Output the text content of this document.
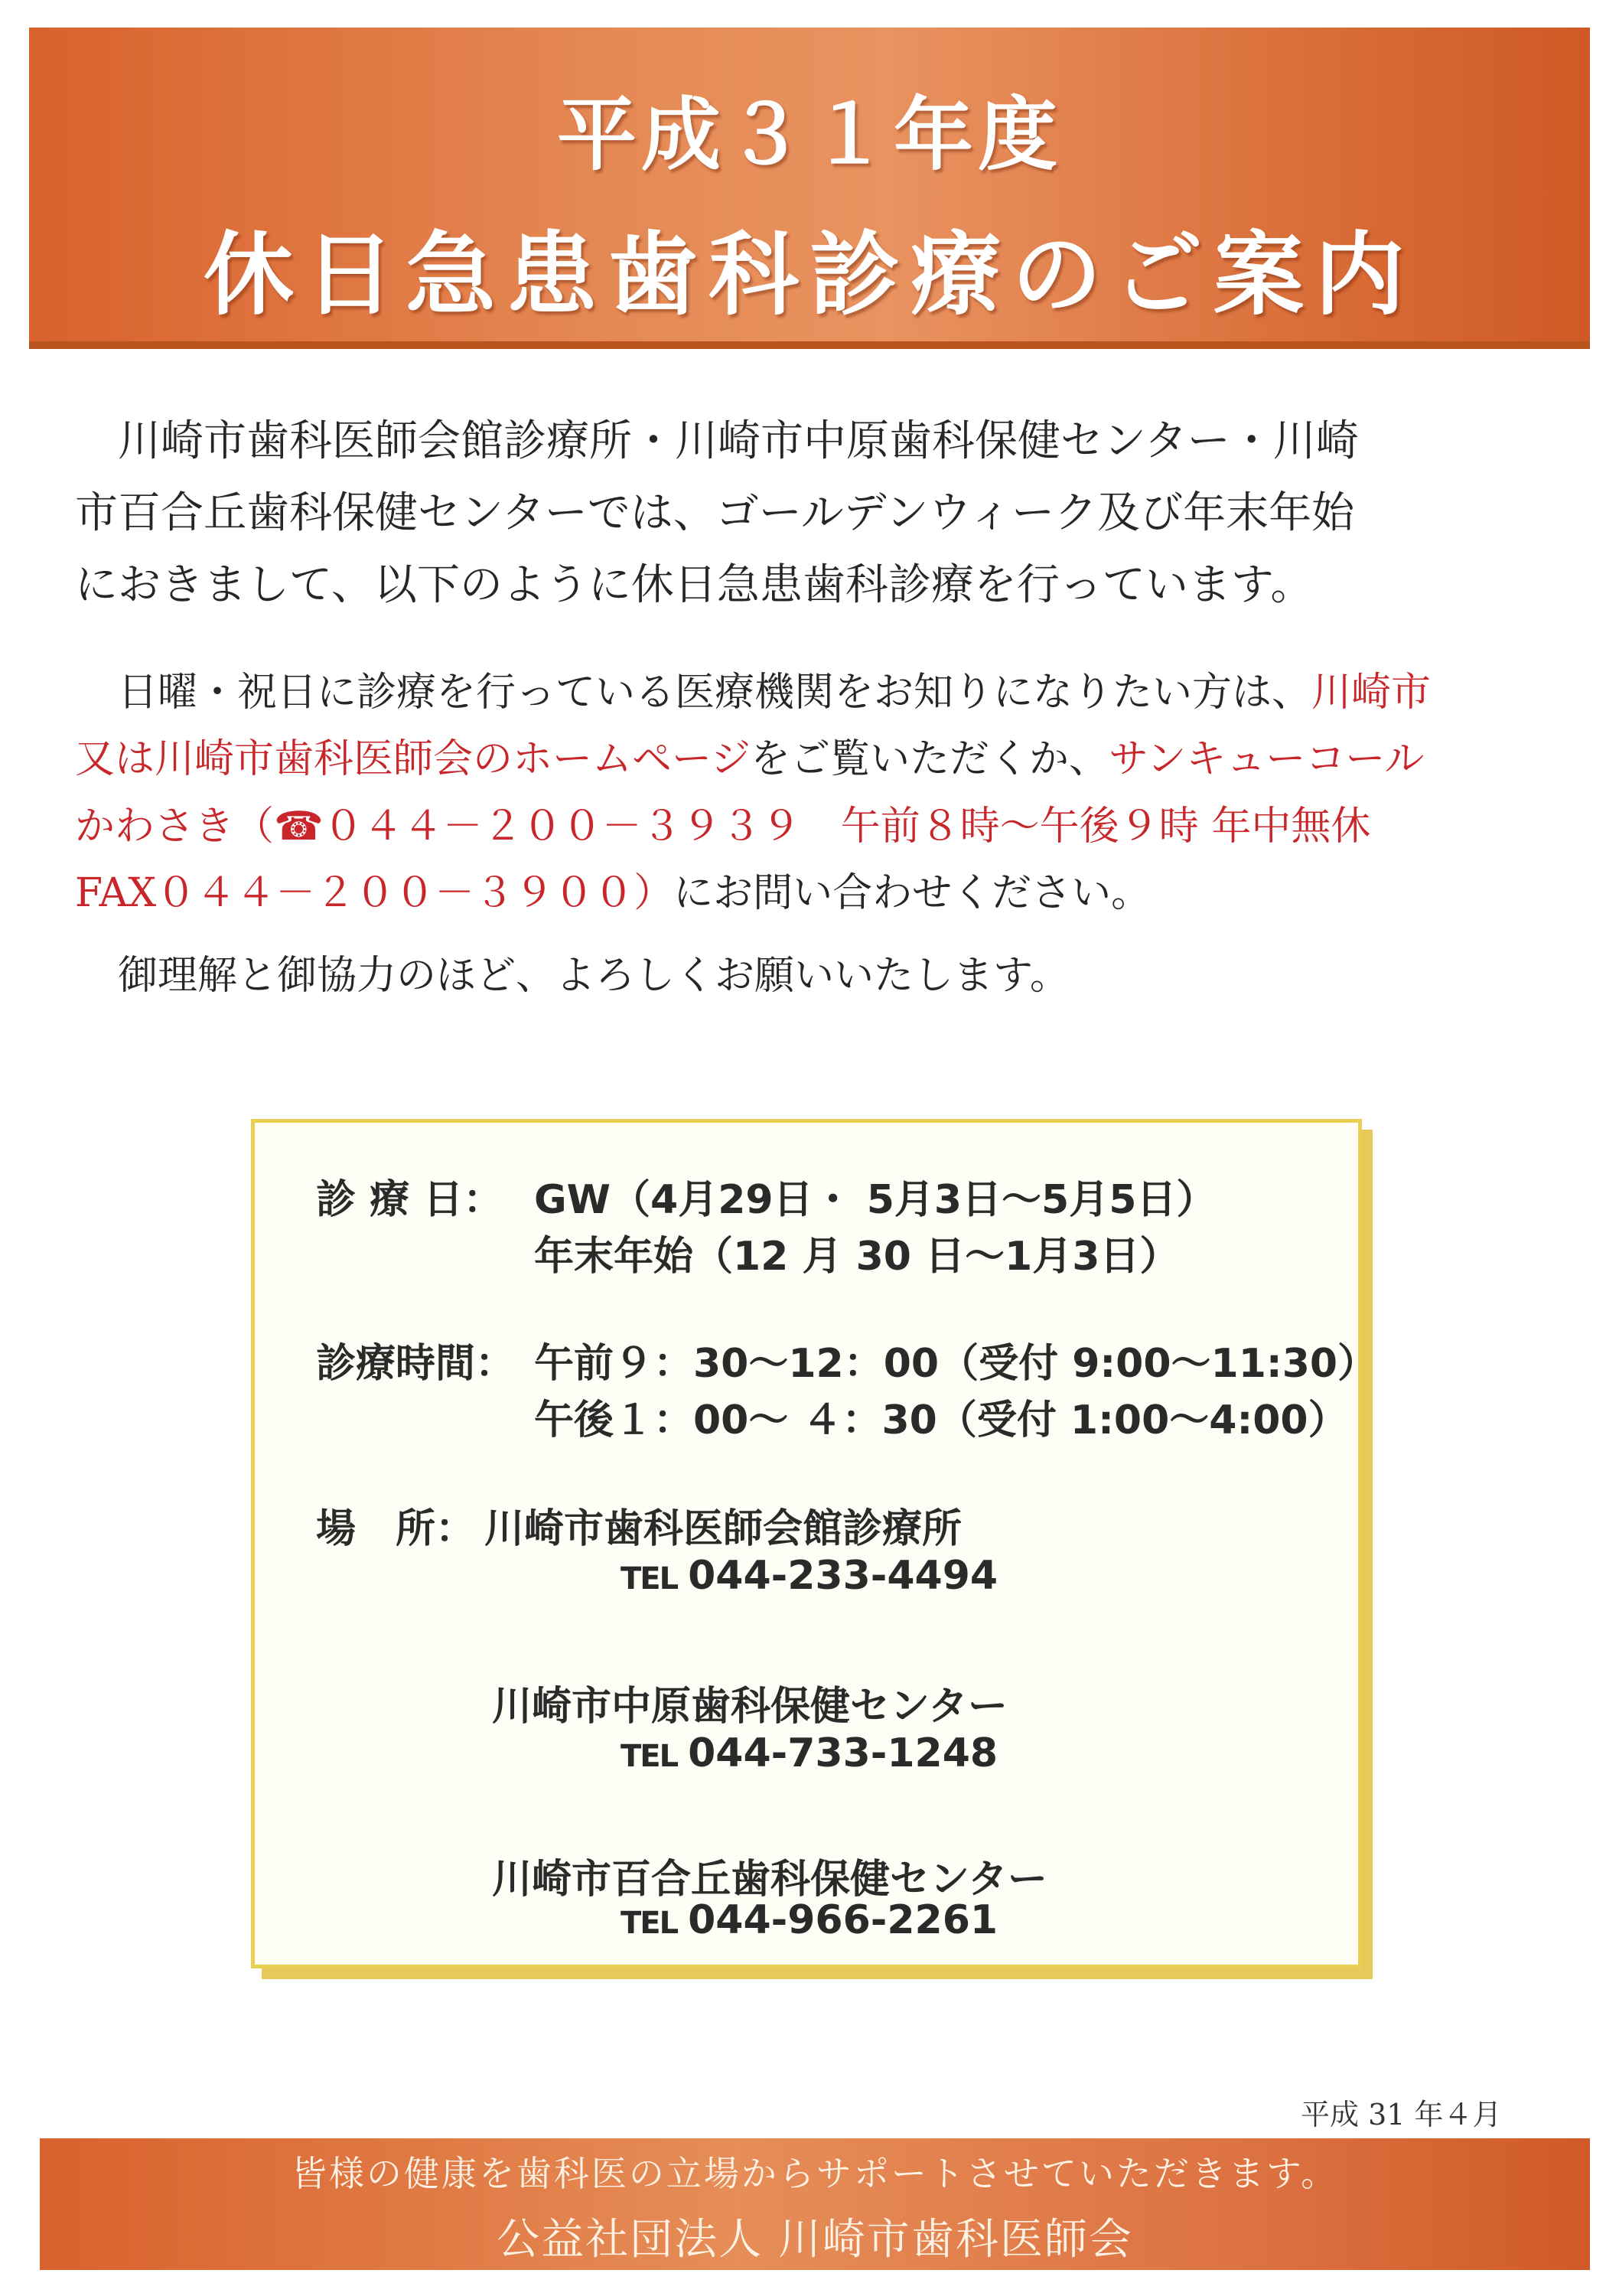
平成３１年度
休日急患歯科診療のご案内
川崎市歯科医師会館診療所・川崎市中原歯科保健センター・川崎
市百合丘歯科保健センターでは、ゴールデンウィーク及び年末年始
におきまして、以下のように休日急患歯科診療を行っています。
日曜・祝日に診療を行っている医療機関をお知りになりたい方は、川崎市
又は川崎市歯科医師会のホームページをご覧いただくか、サンキューコール
かわさき（☎０４４－２００－３９３９　午前８時～午後９時 年中無休
FAX０４４－２００－３９００）にお問い合わせください。
御理解と御協力のほど、よろしくお願いいたします。
診 療 日： GW（4月29日・ 5月3日～5月5日）
年末年始（12 月 30 日～1月3日）
診療時間： 午前９：30～12：00（受付 9:00～11:30）
午後１：00～ ４：30（受付 1:00～4:00）
場　所： 川崎市歯科医師会館診療所
TEL 044-233-4494
川崎市中原歯科保健センター
TEL 044-733-1248
川崎市百合丘歯科保健センター
TEL 044-966-2261
平成 31 年４月
皆様の健康を歯科医の立場からサポートさせていただきます。
公益社団法人 川崎市歯科医師会
